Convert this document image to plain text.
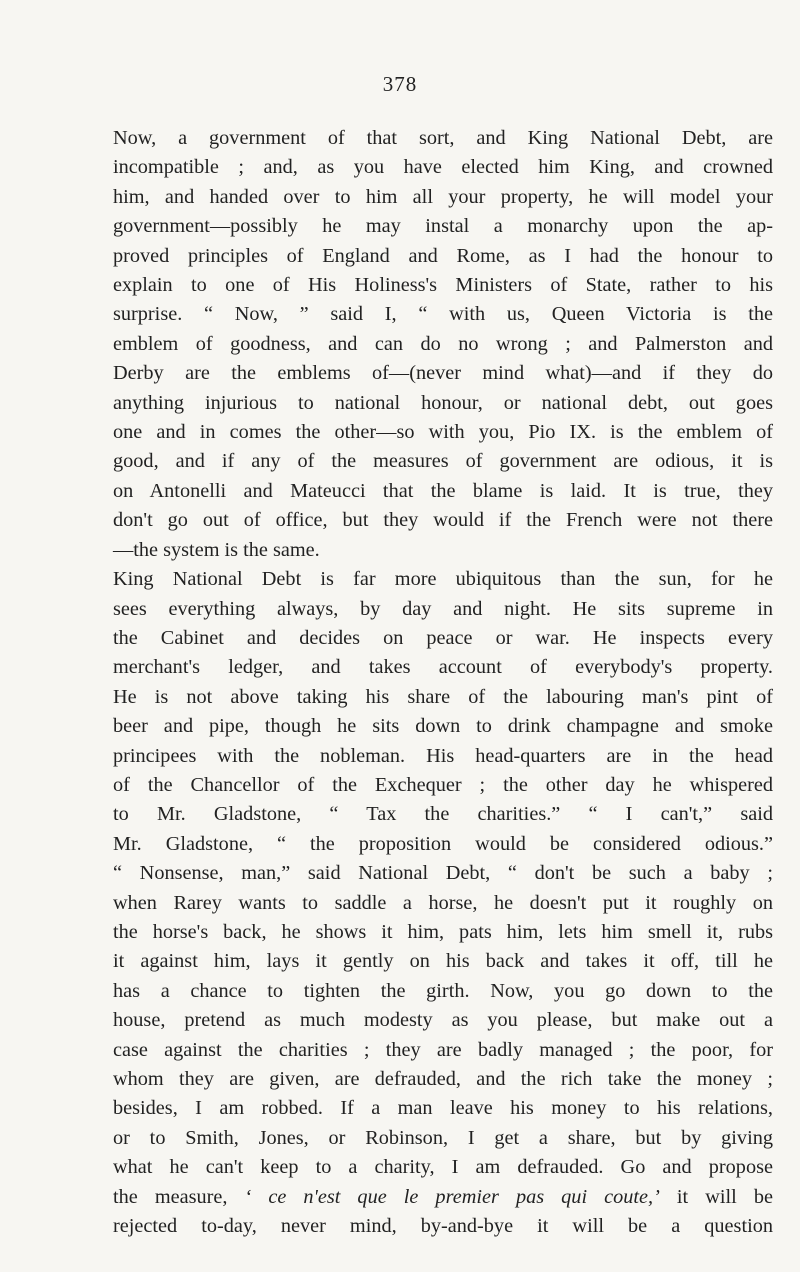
378
Now, a government of that sort, and King National Debt, are
incompatible ; and, as you have elected him King, and crowned
him, and handed over to him all your property, he will model your
government—possibly he may instal a monarchy upon the ap-
proved principles of England and Rome, as I had the honour to
explain to one of His Holiness's Ministers of State, rather to his
surprise. “ Now, ” said I, “ with us, Queen Victoria is the
emblem of goodness, and can do no wrong ; and Palmerston and
Derby are the emblems of—(never mind what)—and if they do
anything injurious to national honour, or national debt, out goes
one and in comes the other—so with you, Pio IX. is the emblem of
good, and if any of the measures of government are odious, it is
on Antonelli and Mateucci that the blame is laid. It is true, they
don't go out of office, but they would if the French were not there
—the system is the same.
King National Debt is far more ubiquitous than the sun, for he
sees everything always, by day and night. He sits supreme in
the Cabinet and decides on peace or war. He inspects every
merchant's ledger, and takes account of everybody's property.
He is not above taking his share of the labouring man's pint of
beer and pipe, though he sits down to drink champagne and smoke
principees with the nobleman. His head-quarters are in the head
of the Chancellor of the Exchequer ; the other day he whispered
to Mr. Gladstone, “ Tax the charities.” “ I can't,” said
Mr. Gladstone, “ the proposition would be considered odious.”
“ Nonsense, man,” said National Debt, “ don't be such a baby ;
when Rarey wants to saddle a horse, he doesn't put it roughly on
the horse's back, he shows it him, pats him, lets him smell it, rubs
it against him, lays it gently on his back and takes it off, till he
has a chance to tighten the girth. Now, you go down to the
house, pretend as much modesty as you please, but make out a
case against the charities ; they are badly managed ; the poor, for
whom they are given, are defrauded, and the rich take the money ;
besides, I am robbed. If a man leave his money to his relations,
or to Smith, Jones, or Robinson, I get a share, but by giving
what he can't keep to a charity, I am defrauded. Go and propose
the measure, ‘ ce n'est que le premier pas qui coute,’ it will be
rejected to-day, never mind, by-and-bye it will be a question
